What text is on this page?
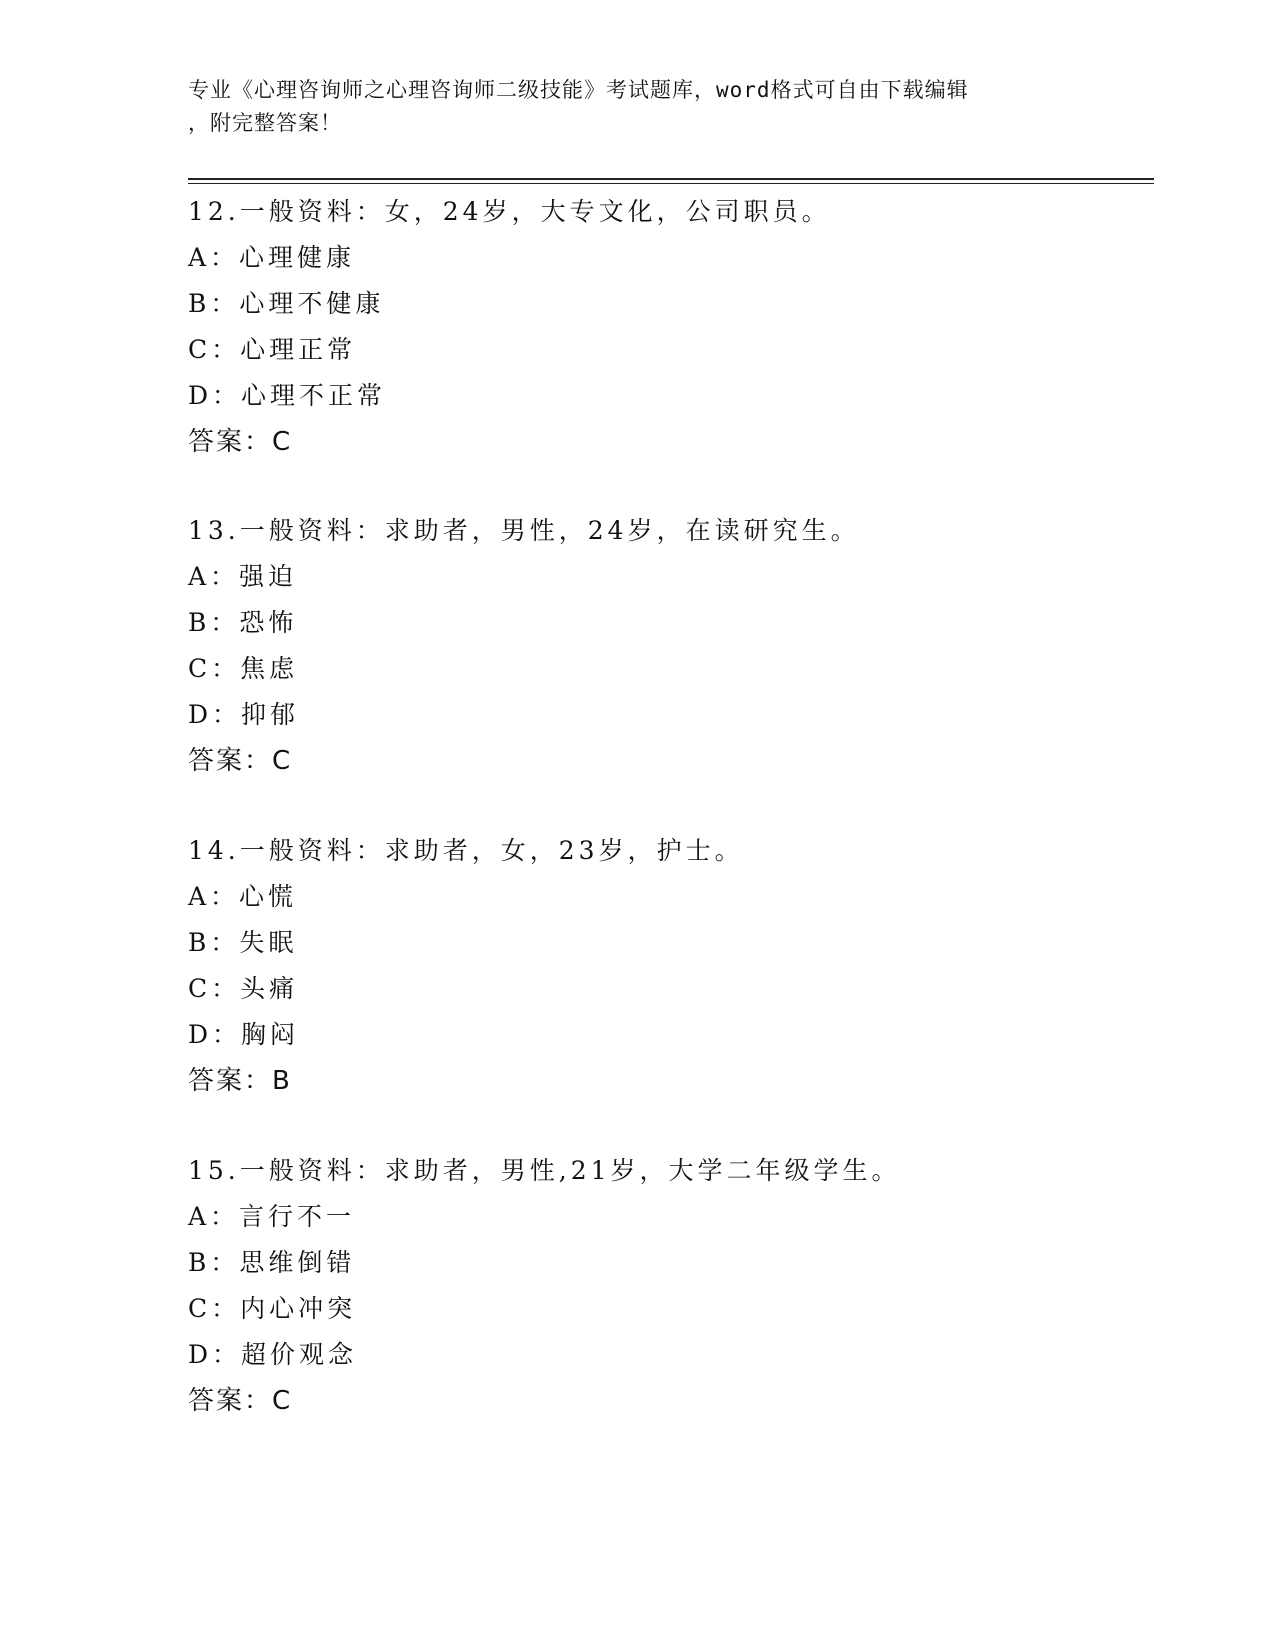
专业《心理咨询师之心理咨询师二级技能》考试题库，word格式可自由下载编辑
，附完整答案！
12.一般资料：女，24岁，大专文化，公司职员。
A：心理健康
B：心理不健康
C：心理正常
D：心理不正常
答案：C
13.一般资料：求助者，男性，24岁，在读研究生。
A：强迫
B：恐怖
C：焦虑
D：抑郁
答案：C
14.一般资料：求助者，女，23岁，护士。
A：心慌
B：失眠
C：头痛
D：胸闷
答案：B
15.一般资料：求助者，男性,21岁，大学二年级学生。
A：言行不一
B：思维倒错
C：内心冲突
D：超价观念
答案：C
